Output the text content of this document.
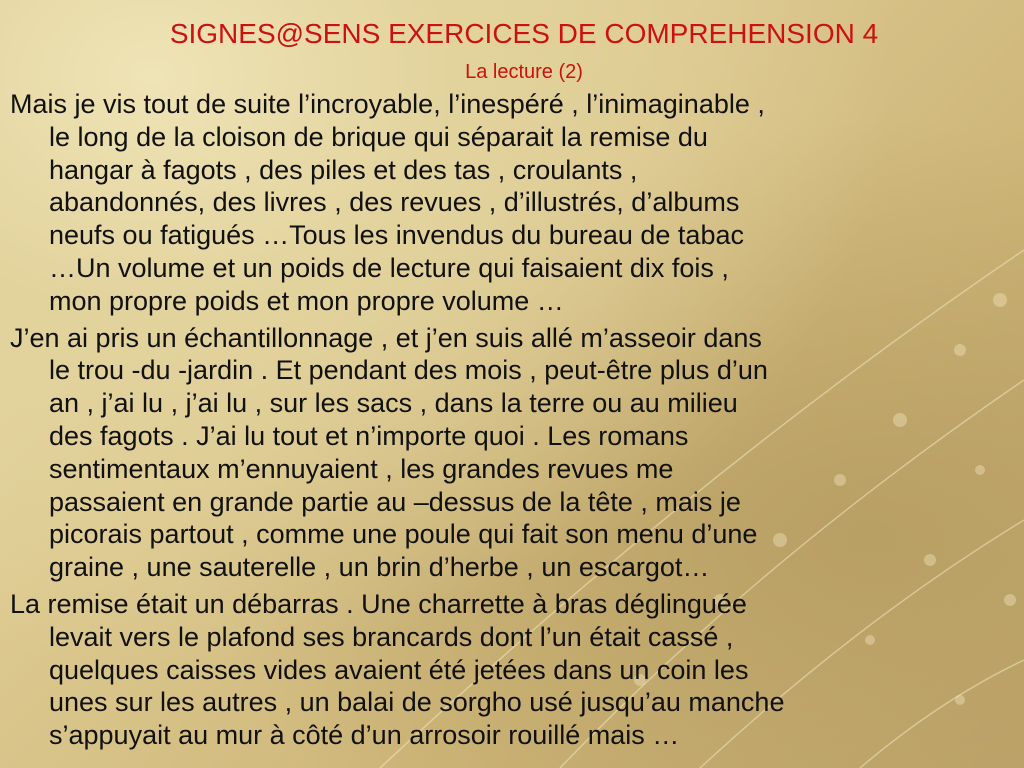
SIGNES@SENS EXERCICES DE COMPREHENSION 4
La lecture (2)
Mais je vis tout de suite l’incroyable, l’inespéré , l’inimaginable ,
le long de la cloison de brique qui séparait la remise du
hangar à fagots , des piles et des tas , croulants ,
abandonnés, des livres , des revues , d’illustrés, d’albums
neufs ou fatigués …Tous les invendus du bureau de tabac
…Un volume et un poids de lecture qui faisaient dix fois ,
mon propre poids et mon propre volume …
J’en ai pris un échantillonnage , et j’en suis allé m’asseoir dans
le trou -du -jardin . Et pendant des mois , peut-être plus d’un
an , j’ai lu , j’ai lu , sur les sacs , dans la terre ou au milieu
des fagots . J’ai lu tout et n’importe quoi . Les romans
sentimentaux m’ennuyaient , les grandes revues me
passaient en grande partie au –dessus de la tête , mais je
picorais partout , comme une poule qui fait son menu d’une
graine , une sauterelle , un brin d’herbe , un escargot…
La remise était un débarras . Une charrette à bras déglinguée
levait vers le plafond ses brancards dont l’un était cassé ,
quelques caisses vides avaient été jetées dans un coin les
unes sur les autres , un balai de sorgho usé jusqu’au manche
s’appuyait au mur à côté d’un arrosoir rouillé mais …
